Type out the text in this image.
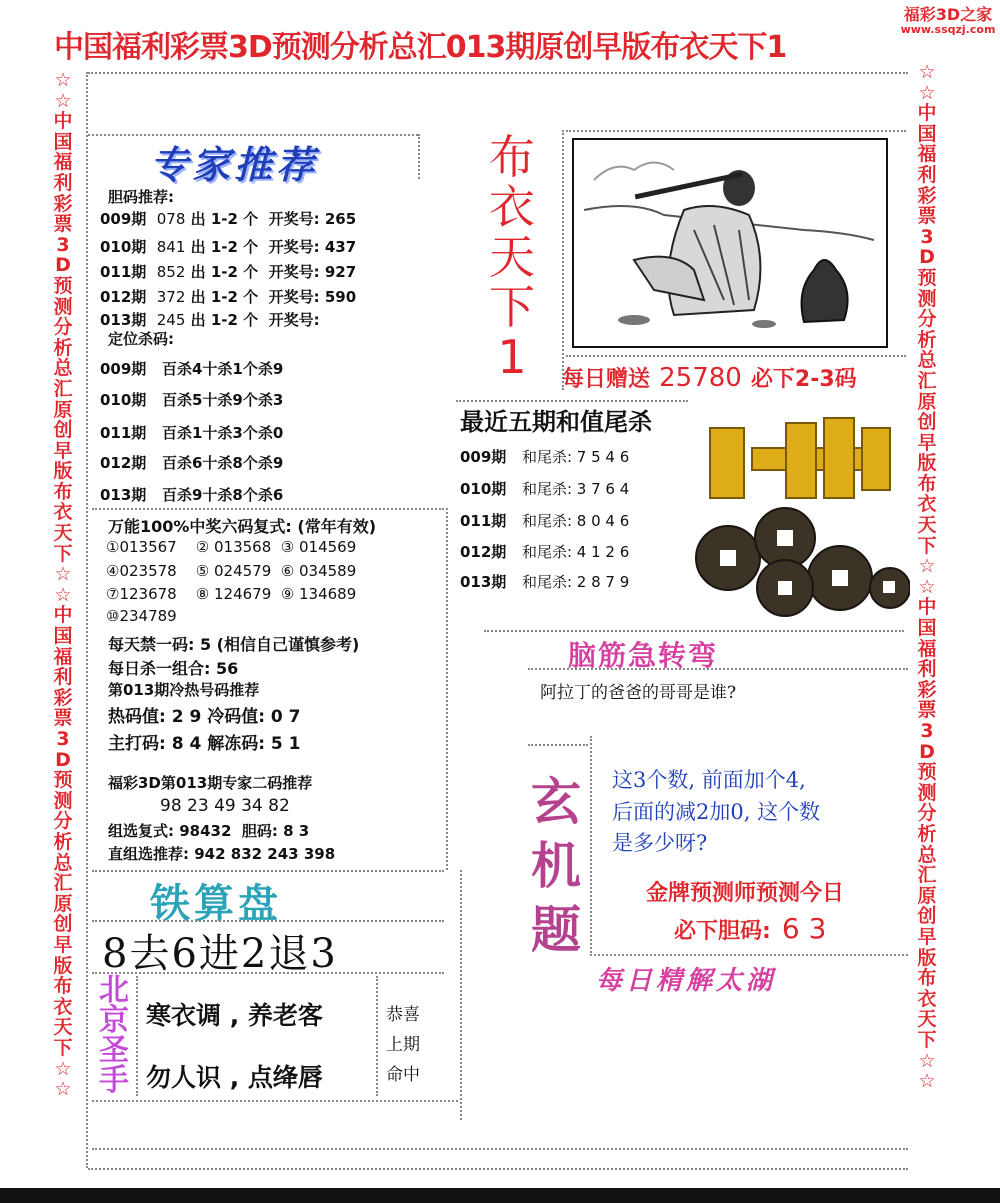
中国福利彩票3D预测分析总汇013期原创早版布衣天下1
福彩3D之家
www.ssqzj.com
☆☆中国福利彩票3D预测分析总汇原创早版布衣天下☆☆中国福利彩票3D预测分析总汇原创早版布衣天下☆☆
☆☆中国福利彩票3D预测分析总汇原创早版布衣天下☆☆中国福利彩票3D预测分析总汇原创早版布衣天下☆☆
专家推荐
胆码推荐:
009期 078 出 1-2 个  开奖号: 265
010期 841 出 1-2 个  开奖号: 437
011期 852 出 1-2 个  开奖号: 927
012期 372 出 1-2 个  开奖号: 590
013期 245 出 1-2 个  开奖号:
定位杀码:
009期 百杀4十杀1个杀9
010期 百杀5十杀9个杀3
011期 百杀1十杀3个杀0
012期 百杀6十杀8个杀9
013期 百杀9十杀8个杀6
万能100%中奖六码复式: (常年有效)
①013567    ② 013568  ③ 014569
④023578    ⑤ 024579  ⑥ 034589
⑦123678    ⑧ 124679  ⑨ 134689
⑩234789
每天禁一码: 5 (相信自己谨慎参考)
每日杀一组合: 56
第013期冷热号码推荐
热码值: 2 9 冷码值: 0 7
主打码: 8 4 解冻码: 5 1
福彩3D第013期专家二码推荐
98 23 49 34 82
组选复式: 98432  胆码: 8 3
直组选推荐: 942 832 243 398
布衣天下1	每日赠送 25780 必下2-3码
最近五期和值尾杀
009期 和尾杀: 7 5 4 6
010期 和尾杀: 3 7 6 4
011期 和尾杀: 8 0 4 6
012期 和尾杀: 4 1 2 6
013期 和尾杀: 2 8 7 9
脑筋急转弯
阿拉丁的爸爸的哥哥是谁?
玄机题
这3个数, 前面加个4,
后面的减2加0, 这个数
是多少呀?
金牌预测师预测今日
必下胆码: 6 3
每日精解太湖
铁算盘
8去6进2退3
北京圣手
寒衣调 , 养老客
勿人识 , 点绛唇
恭喜
上期
命中
